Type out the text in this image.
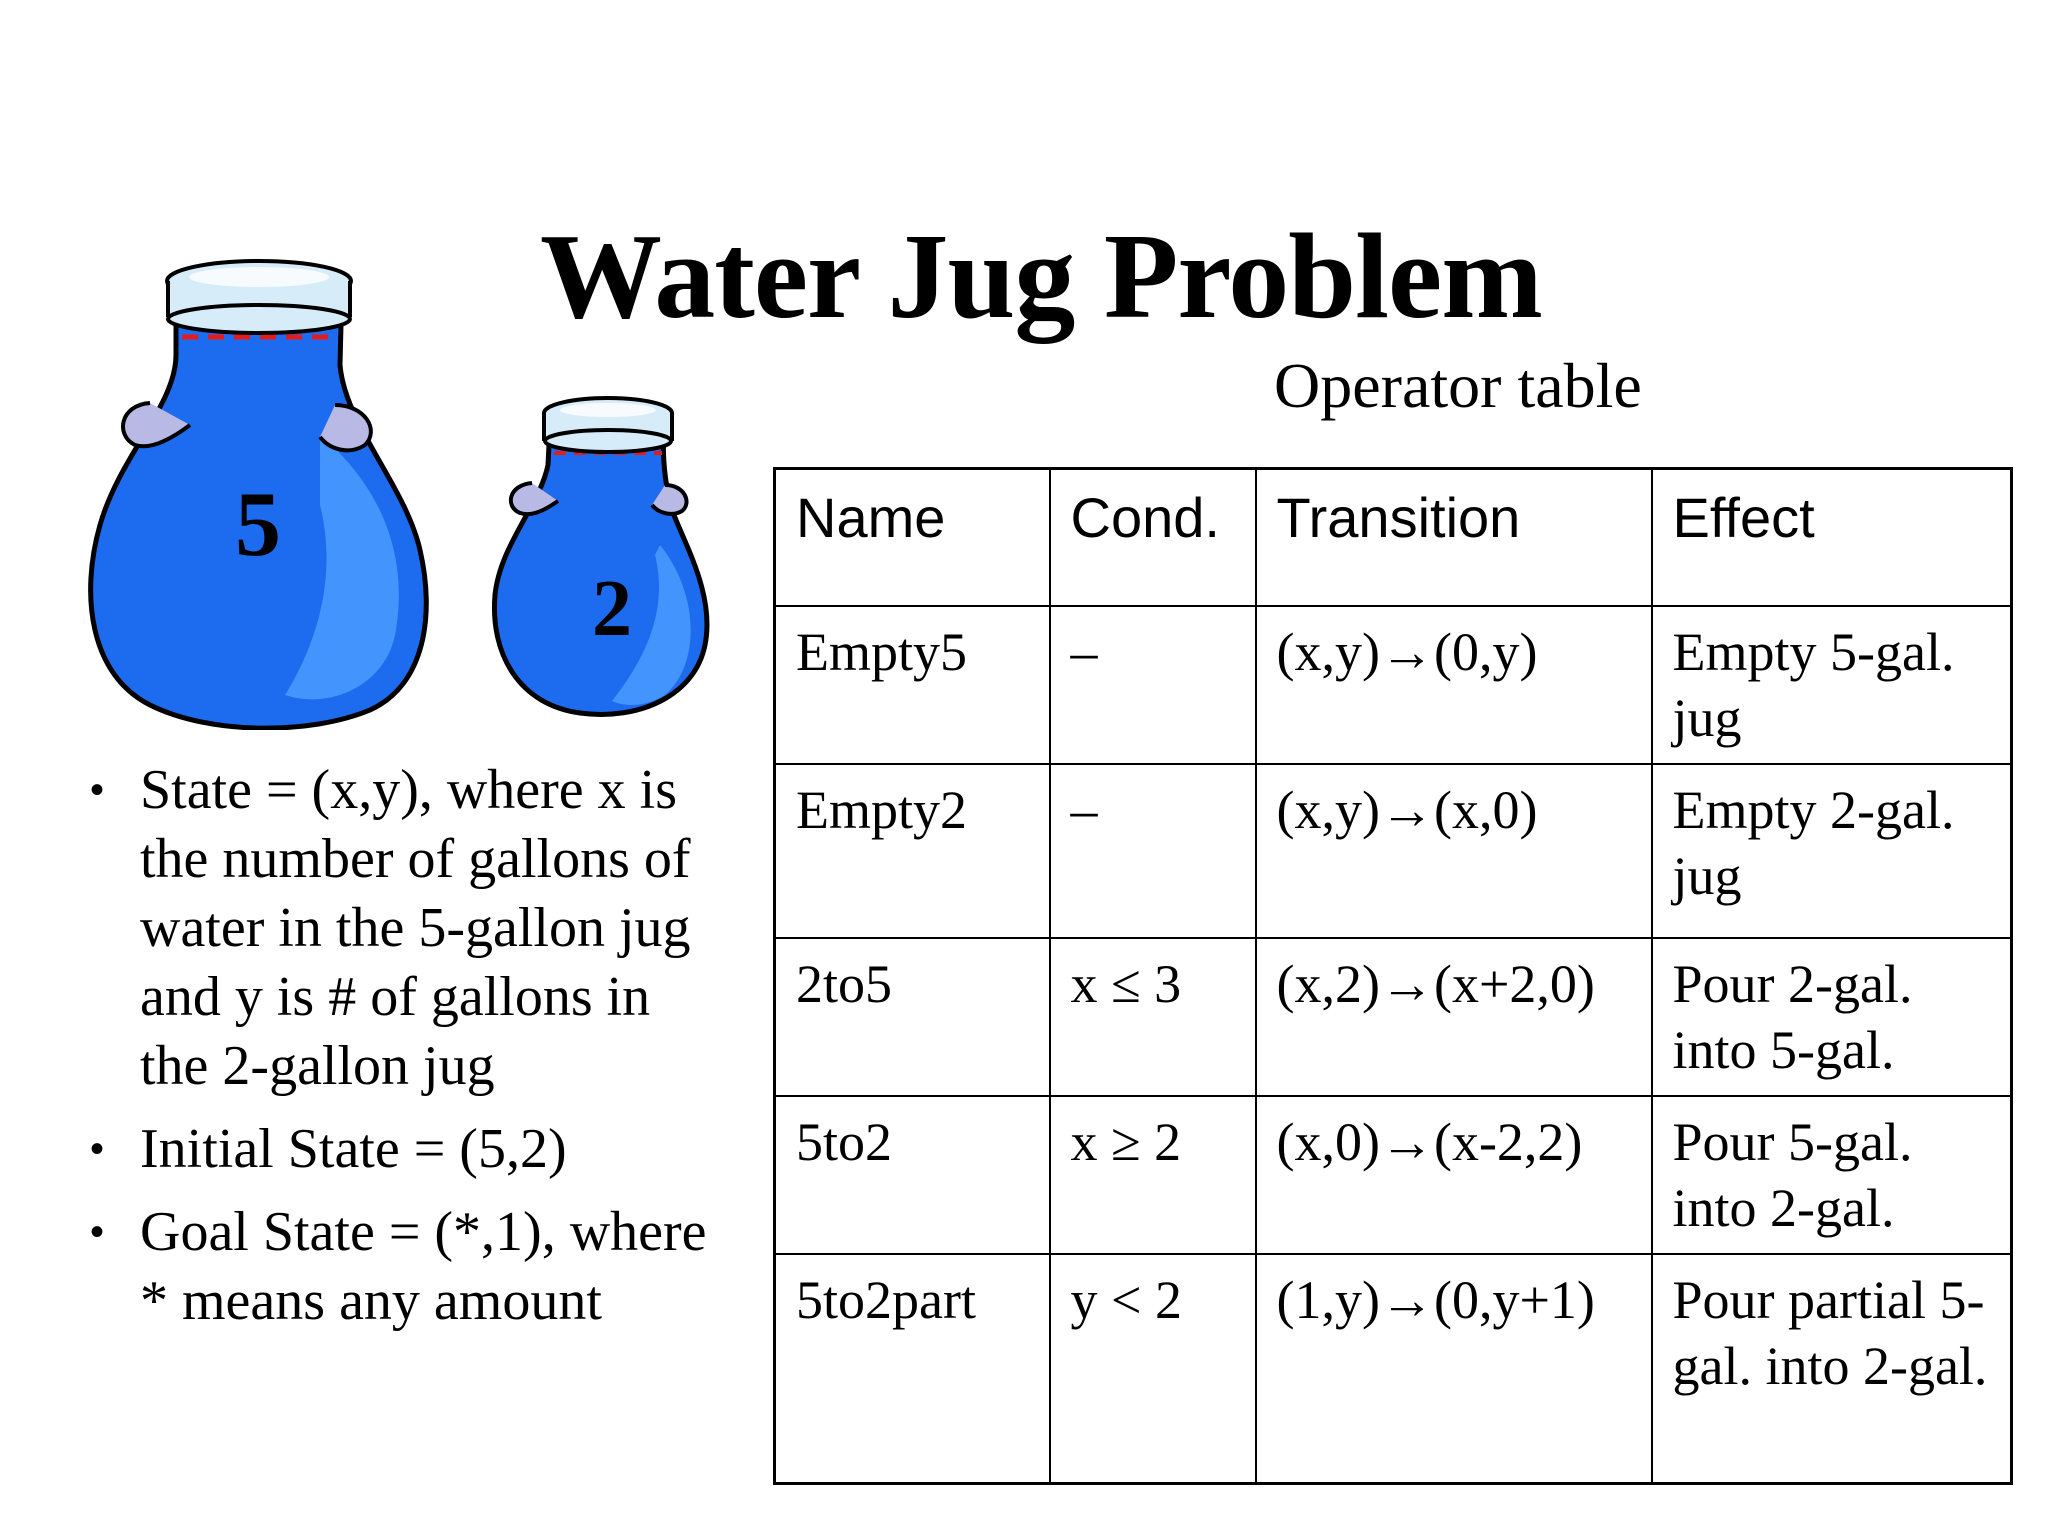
Water Jug Problem
Operator table
5
2
• State = (x,y), where x is the number of gallons of water in the 5-gallon jug and y is # of gallons in the 2-gallon jug
• Initial State = (5,2)
• Goal State = (*,1), where * means any amount
Name	Cond.	Transition	Effect
Empty5	–	(x,y)→(0,y)	Empty 5-gal. jug
Empty2	–	(x,y)→(x,0)	Empty 2-gal. jug
2to5	x ≤ 3	(x,2)→(x+2,0)	Pour 2-gal. into 5-gal.
5to2	x ≥ 2	(x,0)→(x-2,2)	Pour 5-gal. into 2-gal.
5to2part	y < 2	(1,y)→(0,y+1)	Pour partial 5-gal. into 2-gal.
